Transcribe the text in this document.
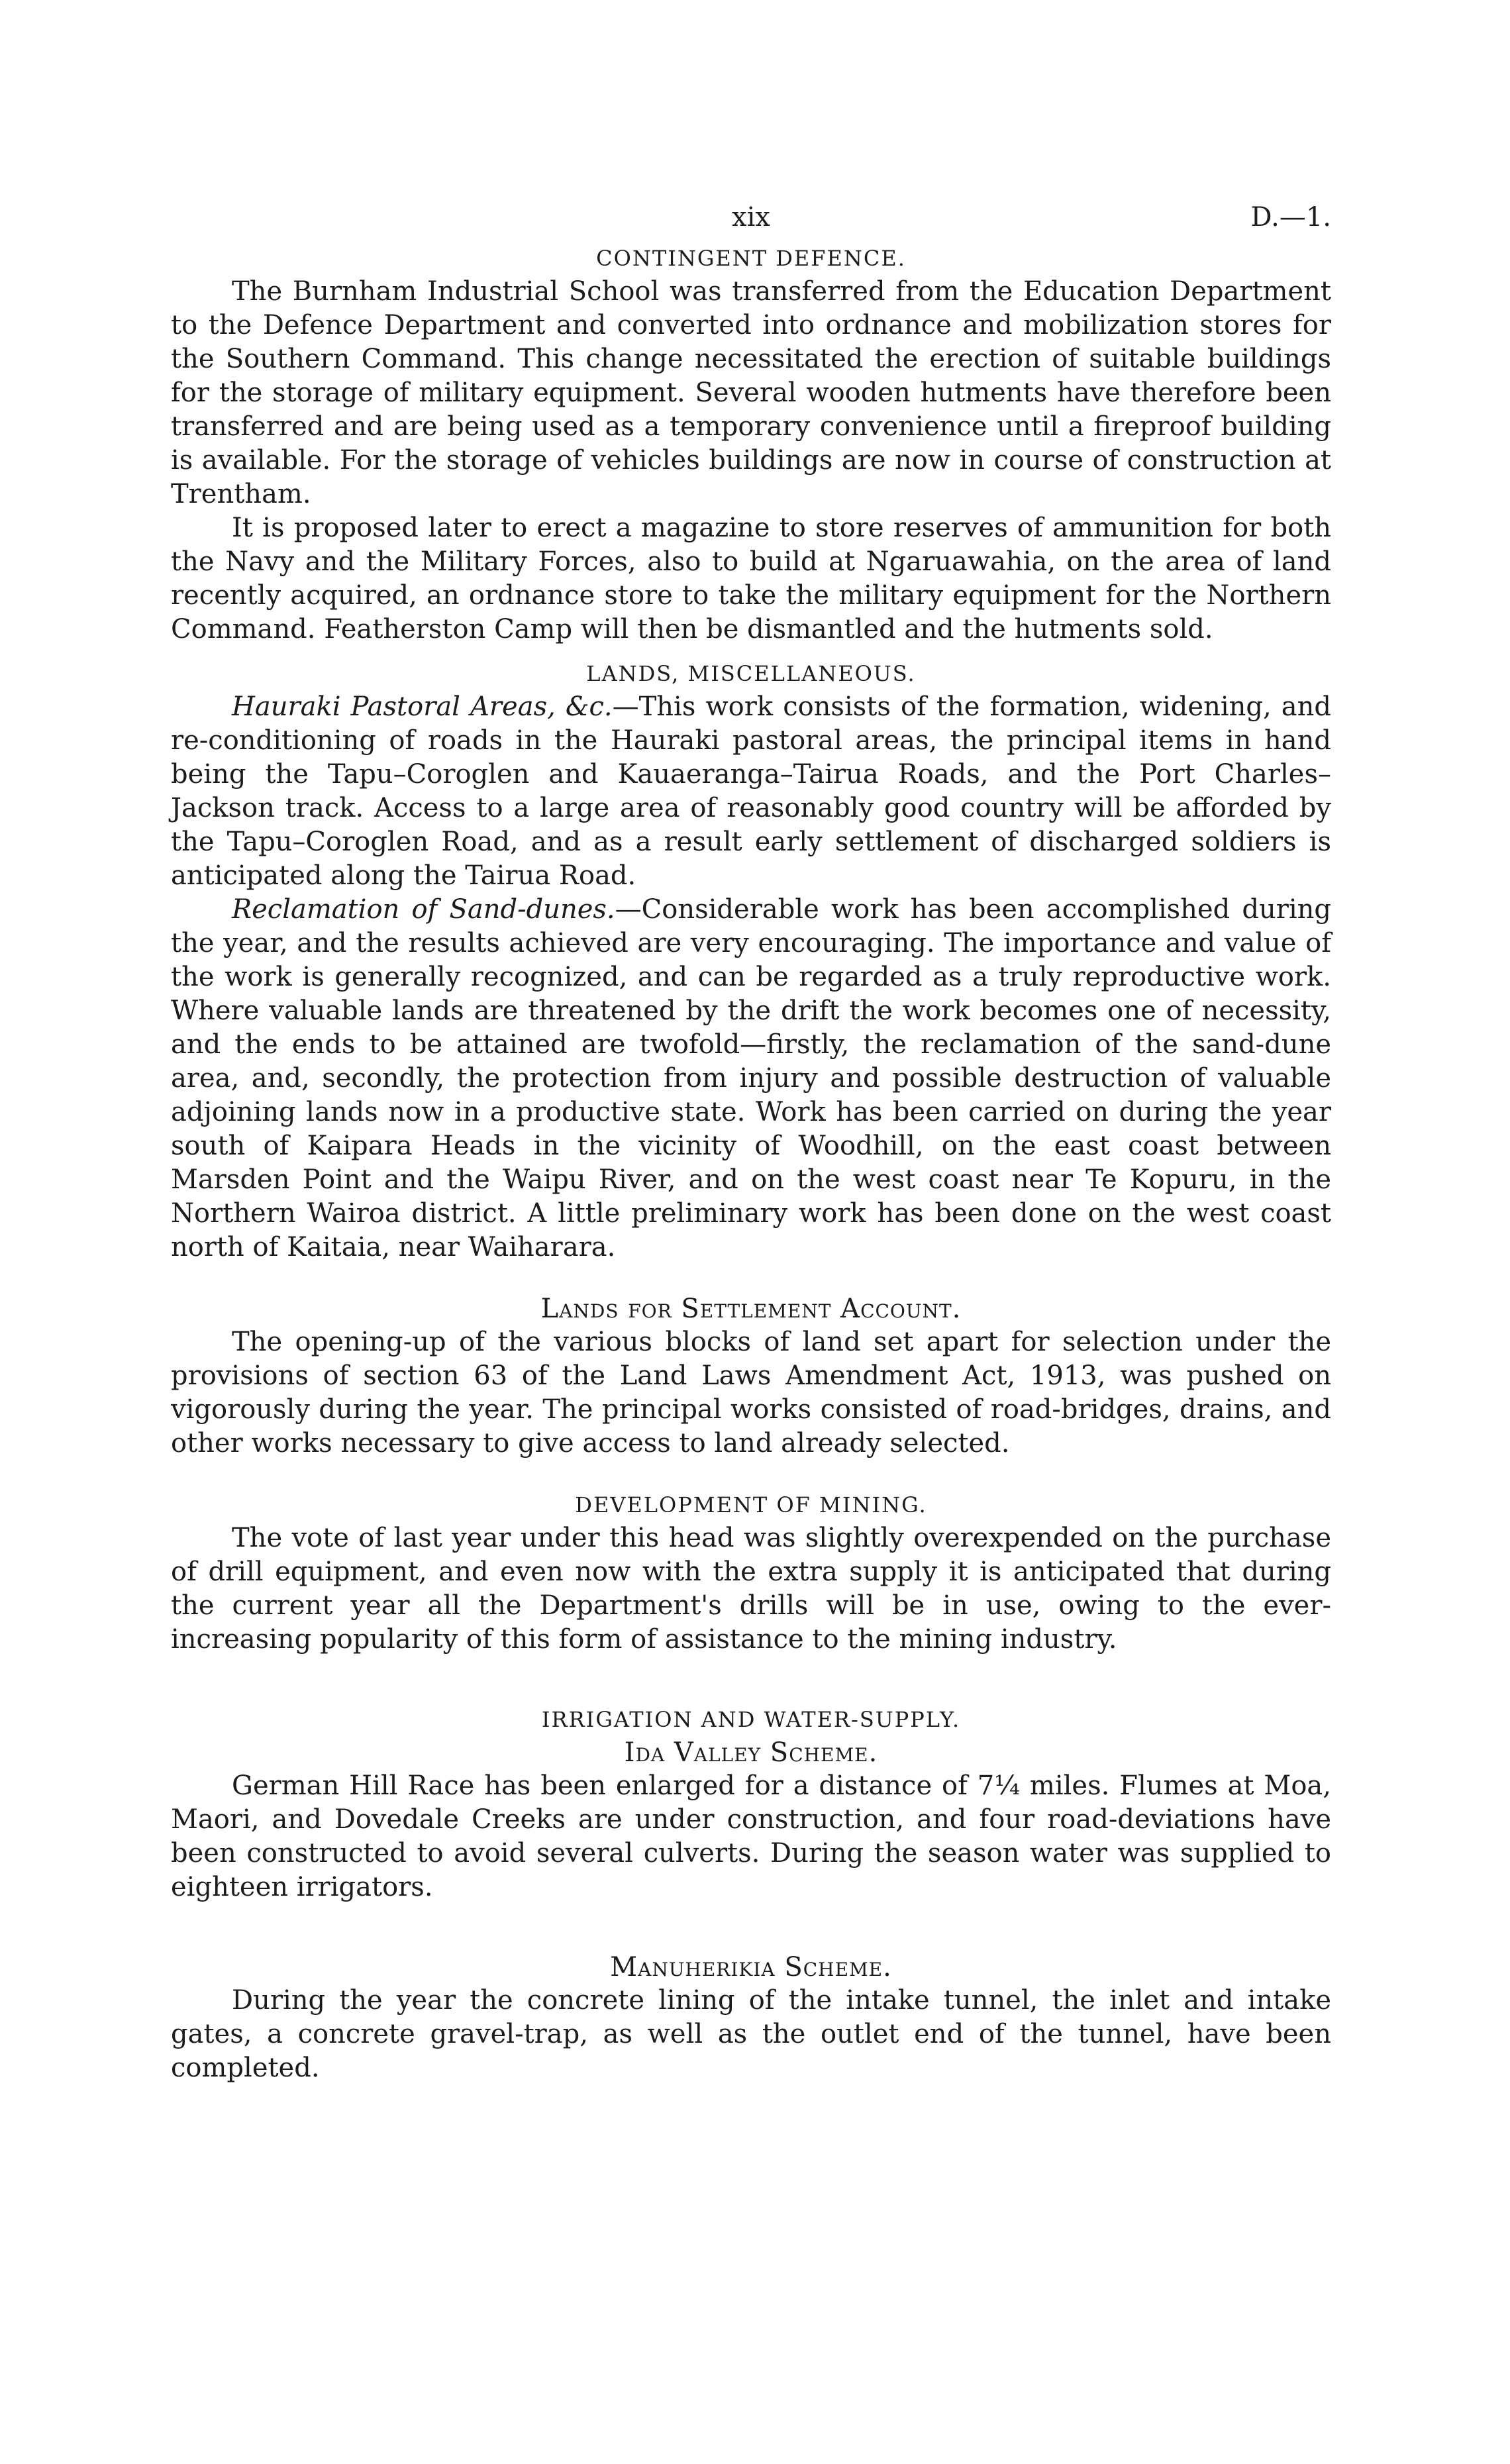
xix	D.—1.
CONTINGENT DEFENCE.

The Burnham Industrial School was transferred from the Education Department to the Defence Department and converted into ordnance and mobilization stores for the Southern Command. This change necessitated the erection of suitable buildings for the storage of military equipment. Several wooden hutments have therefore been transferred and are being used as a temporary convenience until a fireproof building is available. For the storage of vehicles buildings are now in course of construction at Trentham.

It is proposed later to erect a magazine to store reserves of ammunition for both the Navy and the Military Forces, also to build at Ngaruawahia, on the area of land recently acquired, an ordnance store to take the military equipment for the Northern Command. Featherston Camp will then be dismantled and the hutments sold.

LANDS, MISCELLANEOUS.

Hauraki Pastoral Areas, &c.—This work consists of the formation, widening, and re-conditioning of roads in the Hauraki pastoral areas, the principal items in hand being the Tapu–Coroglen and Kauaeranga–Tairua Roads, and the Port Charles–Jackson track. Access to a large area of reasonably good country will be afforded by the Tapu–Coroglen Road, and as a result early settlement of discharged soldiers is anticipated along the Tairua Road.

Reclamation of Sand-dunes.—Considerable work has been accomplished during the year, and the results achieved are very encouraging. The importance and value of the work is generally recognized, and can be regarded as a truly reproductive work. Where valuable lands are threatened by the drift the work becomes one of necessity, and the ends to be attained are twofold—firstly, the reclamation of the sand-dune area, and, secondly, the protection from injury and possible destruction of valuable adjoining lands now in a productive state. Work has been carried on during the year south of Kaipara Heads in the vicinity of Woodhill, on the east coast between Marsden Point and the Waipu River, and on the west coast near Te Kopuru, in the Northern Wairoa district. A little preliminary work has been done on the west coast north of Kaitaia, near Waiharara.

Lands for Settlement Account.

The opening-up of the various blocks of land set apart for selection under the provisions of section 63 of the Land Laws Amendment Act, 1913, was pushed on vigorously during the year. The principal works consisted of road-bridges, drains, and other works necessary to give access to land already selected.

DEVELOPMENT OF MINING.

The vote of last year under this head was slightly overexpended on the purchase of drill equipment, and even now with the extra supply it is anticipated that during the current year all the Department's drills will be in use, owing to the ever-increasing popularity of this form of assistance to the mining industry.

IRRIGATION AND WATER-SUPPLY.
Ida Valley Scheme.

German Hill Race has been enlarged for a distance of 7¼ miles. Flumes at Moa, Maori, and Dovedale Creeks are under construction, and four road-deviations have been constructed to avoid several culverts. During the season water was supplied to eighteen irrigators.

Manuherikia Scheme.

During the year the concrete lining of the intake tunnel, the inlet and intake gates, a concrete gravel-trap, as well as the outlet end of the tunnel, have been completed.
